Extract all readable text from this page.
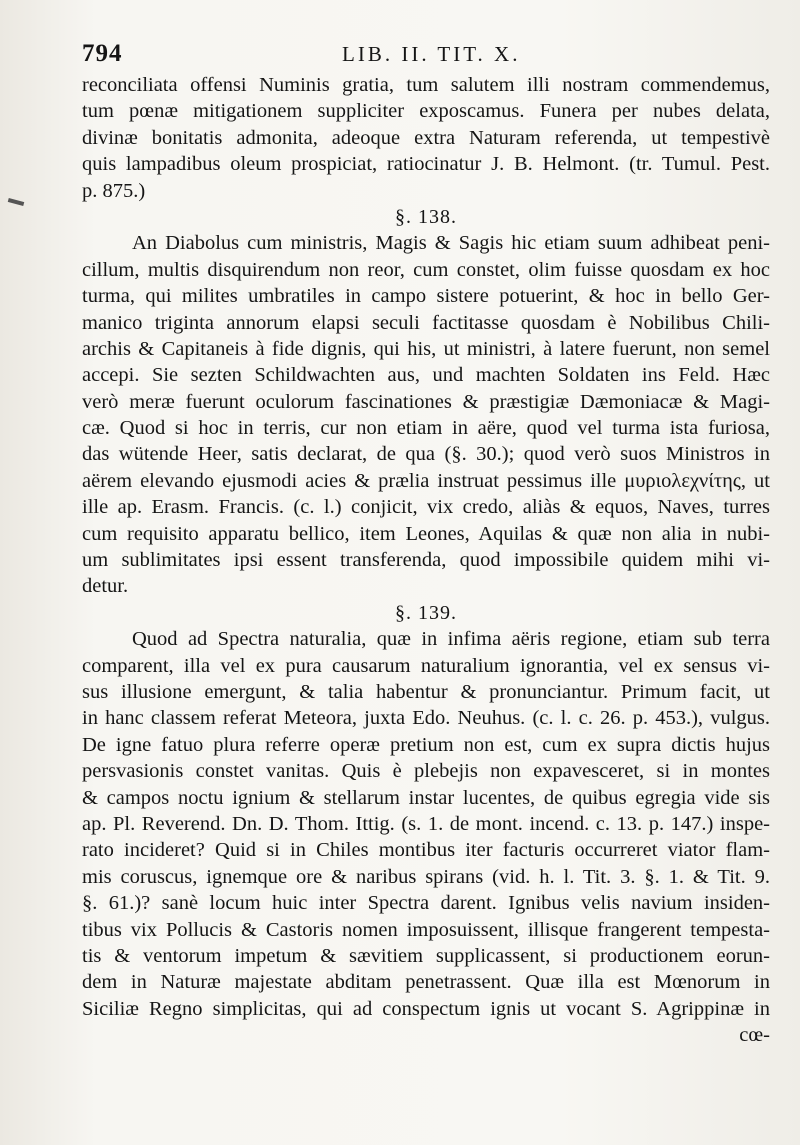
794	LIB. II. TIT. X.
reconciliata offensi Numinis gratia, tum salutem illi nostram commendemus,
tum pœnæ mitigationem suppliciter exposcamus. Funera per nubes delata,
divinæ bonitatis admonita, adeoque extra Naturam referenda, ut tempestivè
quis lampadibus oleum prospiciat, ratiocinatur J. B. Helmont. (tr. Tumul. Pest.
p. 875.)
§. 138.
An Diabolus cum ministris, Magis & Sagis hic etiam suum adhibeat peni-
cillum, multis disquirendum non reor, cum constet, olim fuisse quosdam ex hoc
turma, qui milites umbratiles in campo sistere potuerint, & hoc in bello Ger-
manico triginta annorum elapsi seculi factitasse quosdam è Nobilibus Chili-
archis & Capitaneis à fide dignis, qui his, ut ministri, à latere fuerunt, non semel
accepi. Sie sezten Schildwachten aus, und machten Soldaten ins Feld. Hæc
verò meræ fuerunt oculorum fascinationes & præstigiæ Dæmoniacæ & Magi-
cæ. Quod si hoc in terris, cur non etiam in aëre, quod vel turma ista furiosa,
das wütende Heer, satis declarat, de qua (§. 30.); quod verò suos Ministros in
aërem elevando ejusmodi acies & prælia instruat pessimus ille μυριολεχνίτης, ut
ille ap. Erasm. Francis. (c. l.) conjicit, vix credo, aliàs & equos, Naves, turres
cum requisito apparatu bellico, item Leones, Aquilas & quæ non alia in nubi-
um sublimitates ipsi essent transferenda, quod impossibile quidem mihi vi-
detur.
§. 139.
Quod ad Spectra naturalia, quæ in infima aëris regione, etiam sub terra
comparent, illa vel ex pura causarum naturalium ignorantia, vel ex sensus vi-
sus illusione emergunt, & talia habentur & pronunciantur. Primum facit, ut
in hanc classem referat Meteora, juxta Edo. Neuhus. (c. l. c. 26. p. 453.), vulgus.
De igne fatuo plura referre operæ pretium non est, cum ex supra dictis hujus
persvasionis constet vanitas. Quis è plebejis non expavesceret, si in montes
& campos noctu ignium & stellarum instar lucentes, de quibus egregia vide sis
ap. Pl. Reverend. Dn. D. Thom. Ittig. (s. 1. de mont. incend. c. 13. p. 147.) inspe-
rato incideret? Quid si in Chiles montibus iter facturis occurreret viator flam-
mis coruscus, ignemque ore & naribus spirans (vid. h. l. Tit. 3. §. 1. & Tit. 9.
§. 61.)? sanè locum huic inter Spectra darent. Ignibus velis navium insiden-
tibus vix Pollucis & Castoris nomen imposuissent, illisque frangerent tempesta-
tis & ventorum impetum & sævitiem supplicassent, si productionem eorun-
dem in Naturæ majestate abditam penetrassent. Quæ illa est Mœnorum in
Siciliæ Regno simplicitas, qui ad conspectum ignis ut vocant S. Agrippinæ in
cœ-
